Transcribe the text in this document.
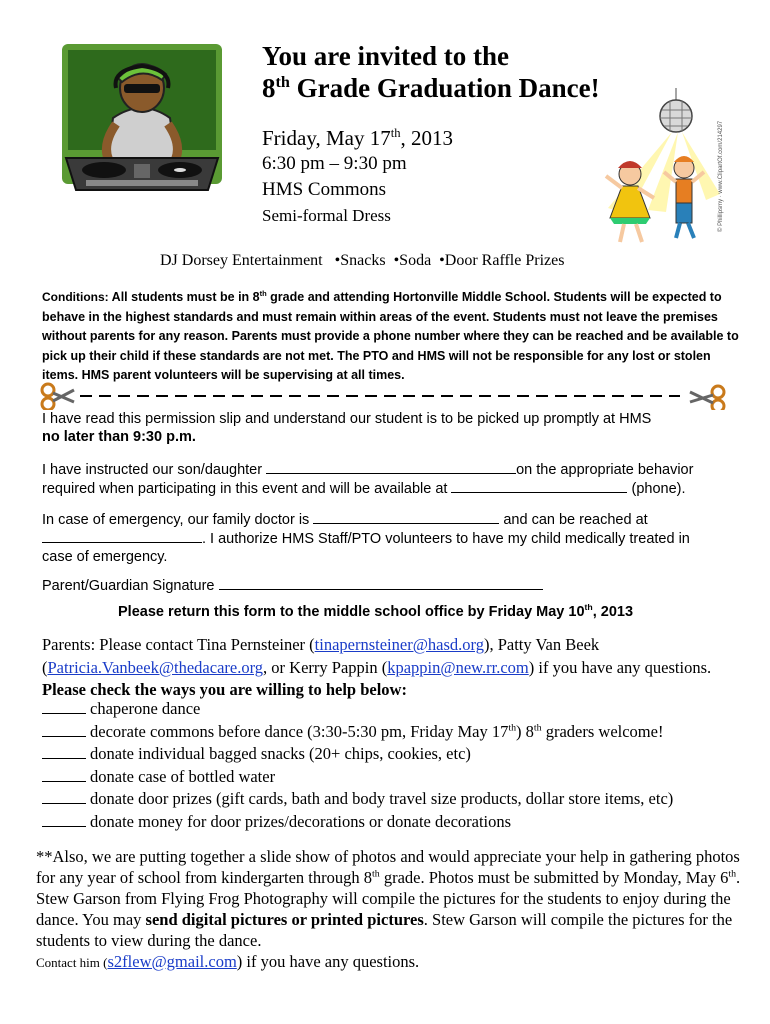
You are invited to the
8th Grade Graduation Dance!
Friday, May 17th, 2013
6:30 pm – 9:30 pm
HMS Commons
Semi-formal Dress	© Phillipsmy · www.ClipartOf.com/214297
DJ Dorsey Entertainment •Snacks •Soda •Door Raffle Prizes
Conditions: All students must be in 8th grade and attending Hortonville Middle School. Students will be expected to behave in the highest standards and must remain within areas of the event. Students must not leave the premises without parents for any reason. Parents must provide a phone number where they can be reached and be available to pick up their child if these standards are not met. The PTO and HMS will not be responsible for any lost or stolen items. HMS parent volunteers will be supervising at all times.
I have read this permission slip and understand our student is to be picked up promptly at HMS
no later than 9:30 p.m.
I have instructed our son/daughter	on the appropriate behavior
required when participating in this event and will be available at	(phone).
In case of emergency, our family doctor is	and can be reached at
. I authorize HMS Staff/PTO volunteers to have my child medically treated in
case of emergency.
Parent/Guardian Signature
Please return this form to the middle school office by Friday May 10th, 2013
Parents: Please contact Tina Pernsteiner (tinapernsteiner@hasd.org), Patty Van Beek (Patricia.Vanbeek@thedacare.org, or Kerry Pappin (kpappin@new.rr.com) if you have any questions. Please check the ways you are willing to help below:
chaperone dance
decorate commons before dance (3:30-5:30 pm, Friday May 17th) 8th graders welcome!
donate individual bagged snacks (20+ chips, cookies, etc)
donate case of bottled water
donate door prizes (gift cards, bath and body travel size products, dollar store items, etc)
donate money for door prizes/decorations or donate decorations
**Also, we are putting together a slide show of photos and would appreciate your help in gathering photos for any year of school from kindergarten through 8th grade. Photos must be submitted by Monday, May 6th. Stew Garson from Flying Frog Photography will compile the pictures for the students to enjoy during the dance. You may send digital pictures or printed pictures. Stew Garson will compile the pictures for the students to view during the dance.
Contact him (s2flew@gmail.com) if you have any questions.
